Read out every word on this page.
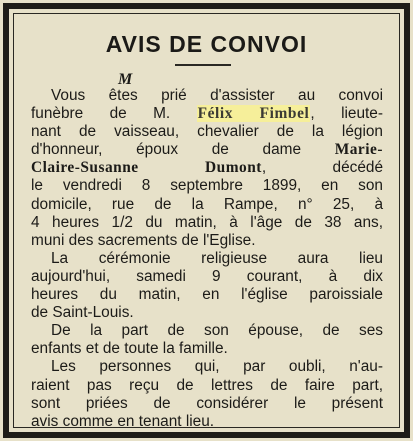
AVIS DE CONVOI
M
Vous êtes prié d'assister au convoi
funèbre de M. Félix Fimbel, lieute-
nant de vaisseau, chevalier de la légion
d'honneur, époux de dame Marie-
Claire-Susanne Dumont, décédé
le vendredi 8 septembre 1899, en son
domicile, rue de la Rampe, n° 25, à
4 heures 1/2 du matin, à l'âge de 38 ans,
muni des sacrements de l'Eglise.
La cérémonie religieuse aura lieu
aujourd'hui, samedi 9 courant, à dix
heures du matin, en l'église paroissiale
de Saint-Louis.
De la part de son épouse, de ses
enfants et de toute la famille.
Les personnes qui, par oubli, n'au-
raient pas reçu de lettres de faire part,
sont priées de considérer le présent
avis comme en tenant lieu.
